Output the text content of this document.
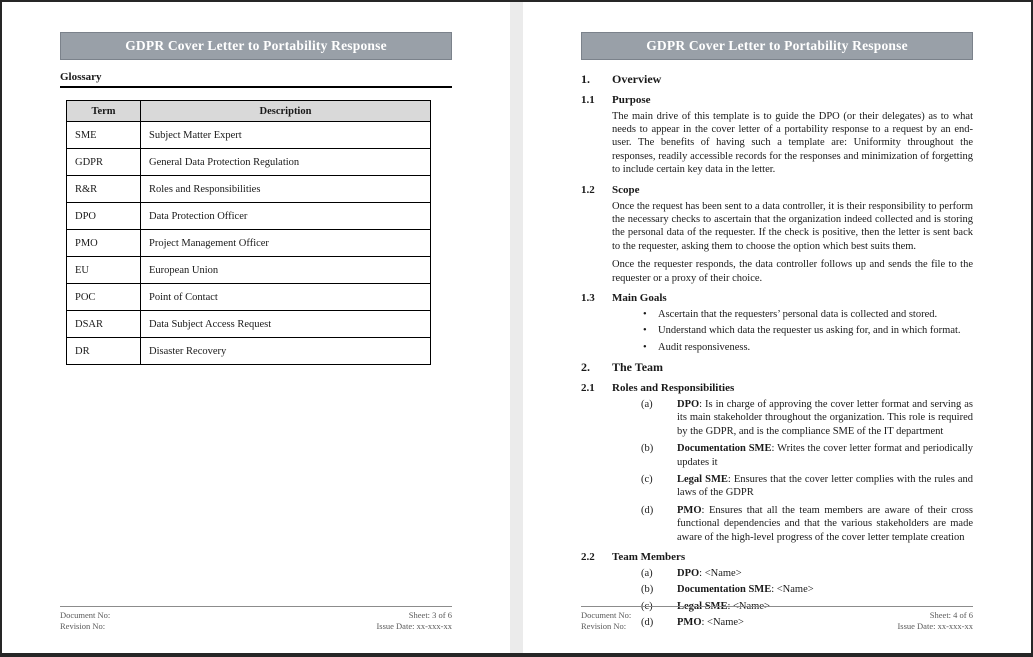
GDPR Cover Letter to Portability Response
Glossary
Term	Description
SME	Subject Matter Expert
GDPR	General Data Protection Regulation
R&R	Roles and Responsibilities
DPO	Data Protection Officer
PMO	Project Management Officer
EU	European Union
POC	Point of Contact
DSAR	Data Subject Access Request
DR	Disaster Recovery
Document No:
Revision No:
Sheet: 3 of 6
Issue Date: xx-xxx-xx
GDPR Cover Letter to Portability Response
1.	Overview
1.1	Purpose

The main drive of this template is to guide the DPO (or their delegates) as to what needs to appear in the cover letter of a portability response to a request by an end-user. The benefits of having such a template are: Uniformity throughout the responses, readily accessible records for the responses and minimization of forgetting to include certain key data in the letter.

1.2	Scope

Once the request has been sent to a data controller, it is their responsibility to perform the necessary checks to ascertain that the organization indeed collected and is storing the personal data of the requester. If the check is positive, then the letter is sent back to the requester, asking them to choose the option which best suits them.

Once the requester responds, the data controller follows up and sends the file to the requester or a proxy of their choice.

1.3	Main Goals
•	Ascertain that the requesters’ personal data is collected and stored.
•	Understand which data the requester us asking for, and in which format.
•	Audit responsiveness.
2.	The Team
2.1	Roles and Responsibilities
(a)	DPO: Is in charge of approving the cover letter format and serving as its main stakeholder throughout the organization. This role is required by the GDPR, and is the compliance SME of the IT department
(b)	Documentation SME: Writes the cover letter format and periodically updates it
(c)	Legal SME: Ensures that the cover letter complies with the rules and laws of the GDPR
(d)	PMO: Ensures that all the team members are aware of their cross functional dependencies and that the various stakeholders are made aware of the high-level progress of the cover letter template creation
2.2	Team Members
(a)	DPO: <Name>
(b)	Documentation SME: <Name>
(c)	Legal SME: <Name>
(d)	PMO: <Name>
Document No:
Revision No:
Sheet: 4 of 6
Issue Date: xx-xxx-xx
